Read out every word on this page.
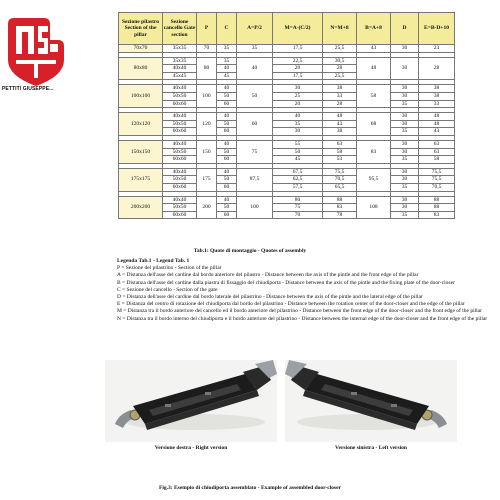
PETTITI GIUSEPPE...
Sezione pilastro Section of the pillar	Sezione cancello Gate section	P	C	A=P/2	M=A-(C/2)	N=M+8	B=A+8	D	E=B-D+10
70x70	35x35	70	35	35	17,5	25,5	43	30	23

80x80	35x35	80	35	40	22,5	30,5	48	30	28
	40x40		40		20	28			
	45x45		45		17,5	25,5			

100x100	40x40	100	40	50	30	38	58	30	38
	50x50		50		25	33		30	38
	60x60		60		20	28		35	33

120x120	40x40	120	40	60	40	48	68	30	48
	50x50		50		35	43		30	48
	60x60		60		30	38		35	43

150x150	40x40	150	40	75	55	63	83	30	63
	50x50		50		50	58		30	63
	60x60		60		45	53		35	58

175x175	40x40	175	40	87,5	67,5	75,5	95,5	30	75,5
	50x50		50		62,5	70,5		30	75,5
	60x60		60		57,5	65,5		35	70,5

200x200	40x40	200	40	100	80	88	108	30	88
	50x50		50		75	83		30	88
	60x60		60		70	78		35	83
Tab.1: Quote di montaggio - Quotes of assembly

Legenda Tab.1 - Legend Tab. 1

P = Sezione del pilastrino - Section of the pillar

A = Distanza dell'asse del cardine dal bordo anteriore del pilastro - Distance between the axis of the pintle and the front edge of the pillar

B = Distanza dell'asse del cardine dalla piastra di fissaggio del chiudiporta - Distance between the axis of the pintle and the fixing plate of the door-closer

C = Sezione del cancello - Section of the gate

D = Distanza dell'asse del cardine dal bordo laterale del pilastrino - Distance between the axis of the pintle and the lateral edge of the pillar

E = Distanza del centro di rotazione del chiudiporta dal bordo del pilastrino - Distance between the rotation center of the door-closer and the edge of the pillar

M = Distanza tra il bordo anteriore del cancello ed il bordo anteriore del pilastrino - Distance between the front edge of the door-closer and the front edge of the pillar

N = Distanza tra il bordo interno del chiudiporta e il bordo anteriore del pilastrino - Distance between the internal edge of the door-closer and the front edge of the pillar

Versione destra - Right version	Versione sinistra - Left version
Fig.3: Esempio di chiudiporta assemblato - Example of assembled door-closer
